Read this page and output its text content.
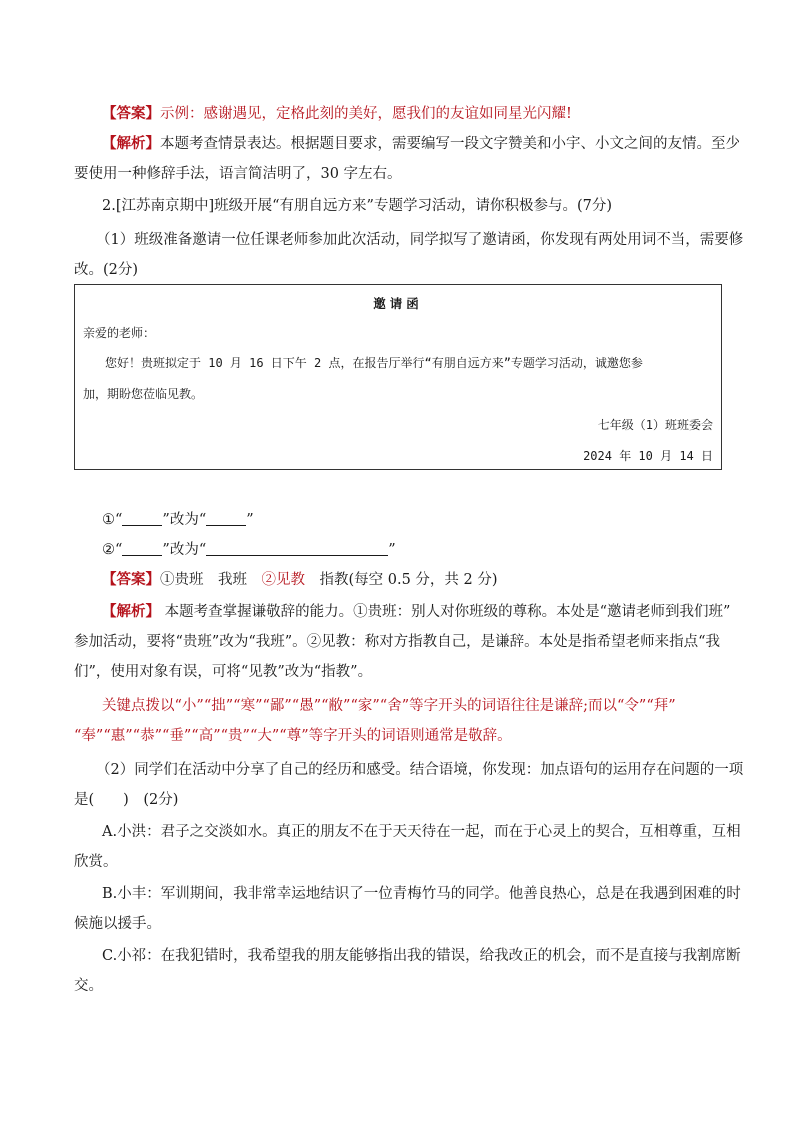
【答案】示例：感谢遇见，定格此刻的美好，愿我们的友谊如同星光闪耀!
【解析】本题考查情景表达。根据题目要求，需要编写一段文字赞美和小宇、小文之间的友情。至少
要使用一种修辞手法，语言简洁明了，30 字左右。
2.[江苏南京期中]班级开展“有朋自远方来”专题学习活动，请你积极参与。(7分)
（1）班级准备邀请一位任课老师参加此次活动，同学拟写了邀请函，你发现有两处用词不当，需要修
改。(2分)
邀请函
亲爱的老师：
您好！贵班拟定于 10 月 16 日下午 2 点，在报告厅举行“有朋自远方来”专题学习活动，诚邀您参
加，期盼您莅临见教。
七年级（1）班班委会
2024 年 10 月 14 日
①“	”改为“	”
②“	”改为“	”
【答案】①贵班　我班　②见教　指教(每空 0.5 分，共 2 分)
【解析】 本题考查掌握谦敬辞的能力。①贵班：别人对你班级的尊称。本处是“邀请老师到我们班”
参加活动，要将“贵班”改为“我班”。②见教：称对方指教自己，是谦辞。本处是指希望老师来指点“我
们”，使用对象有误，可将“见教”改为“指教”。
关键点拨以“小”“拙”“寒”“鄙”“愚”“敝”“家”“舍”等字开头的词语往往是谦辞;而以“令”“拜”
“奉”“惠”“恭”“垂”“高”“贵”“大”“尊”等字开头的词语则通常是敬辞。
（2）同学们在活动中分享了自己的经历和感受。结合语境，你发现：加点语句的运用存在问题的一项
是(　　)　(2分)
A.小洪：君子之交淡如水。真正的朋友不在于天天待在一起，而在于心灵上的契合，互相尊重，互相
欣赏。
B.小丰：军训期间，我非常幸运地结识了一位青梅竹马的同学。他善良热心，总是在我遇到困难的时
候施以援手。
C.小祁：在我犯错时，我希望我的朋友能够指出我的错误，给我改正的机会，而不是直接与我割席断
交。
